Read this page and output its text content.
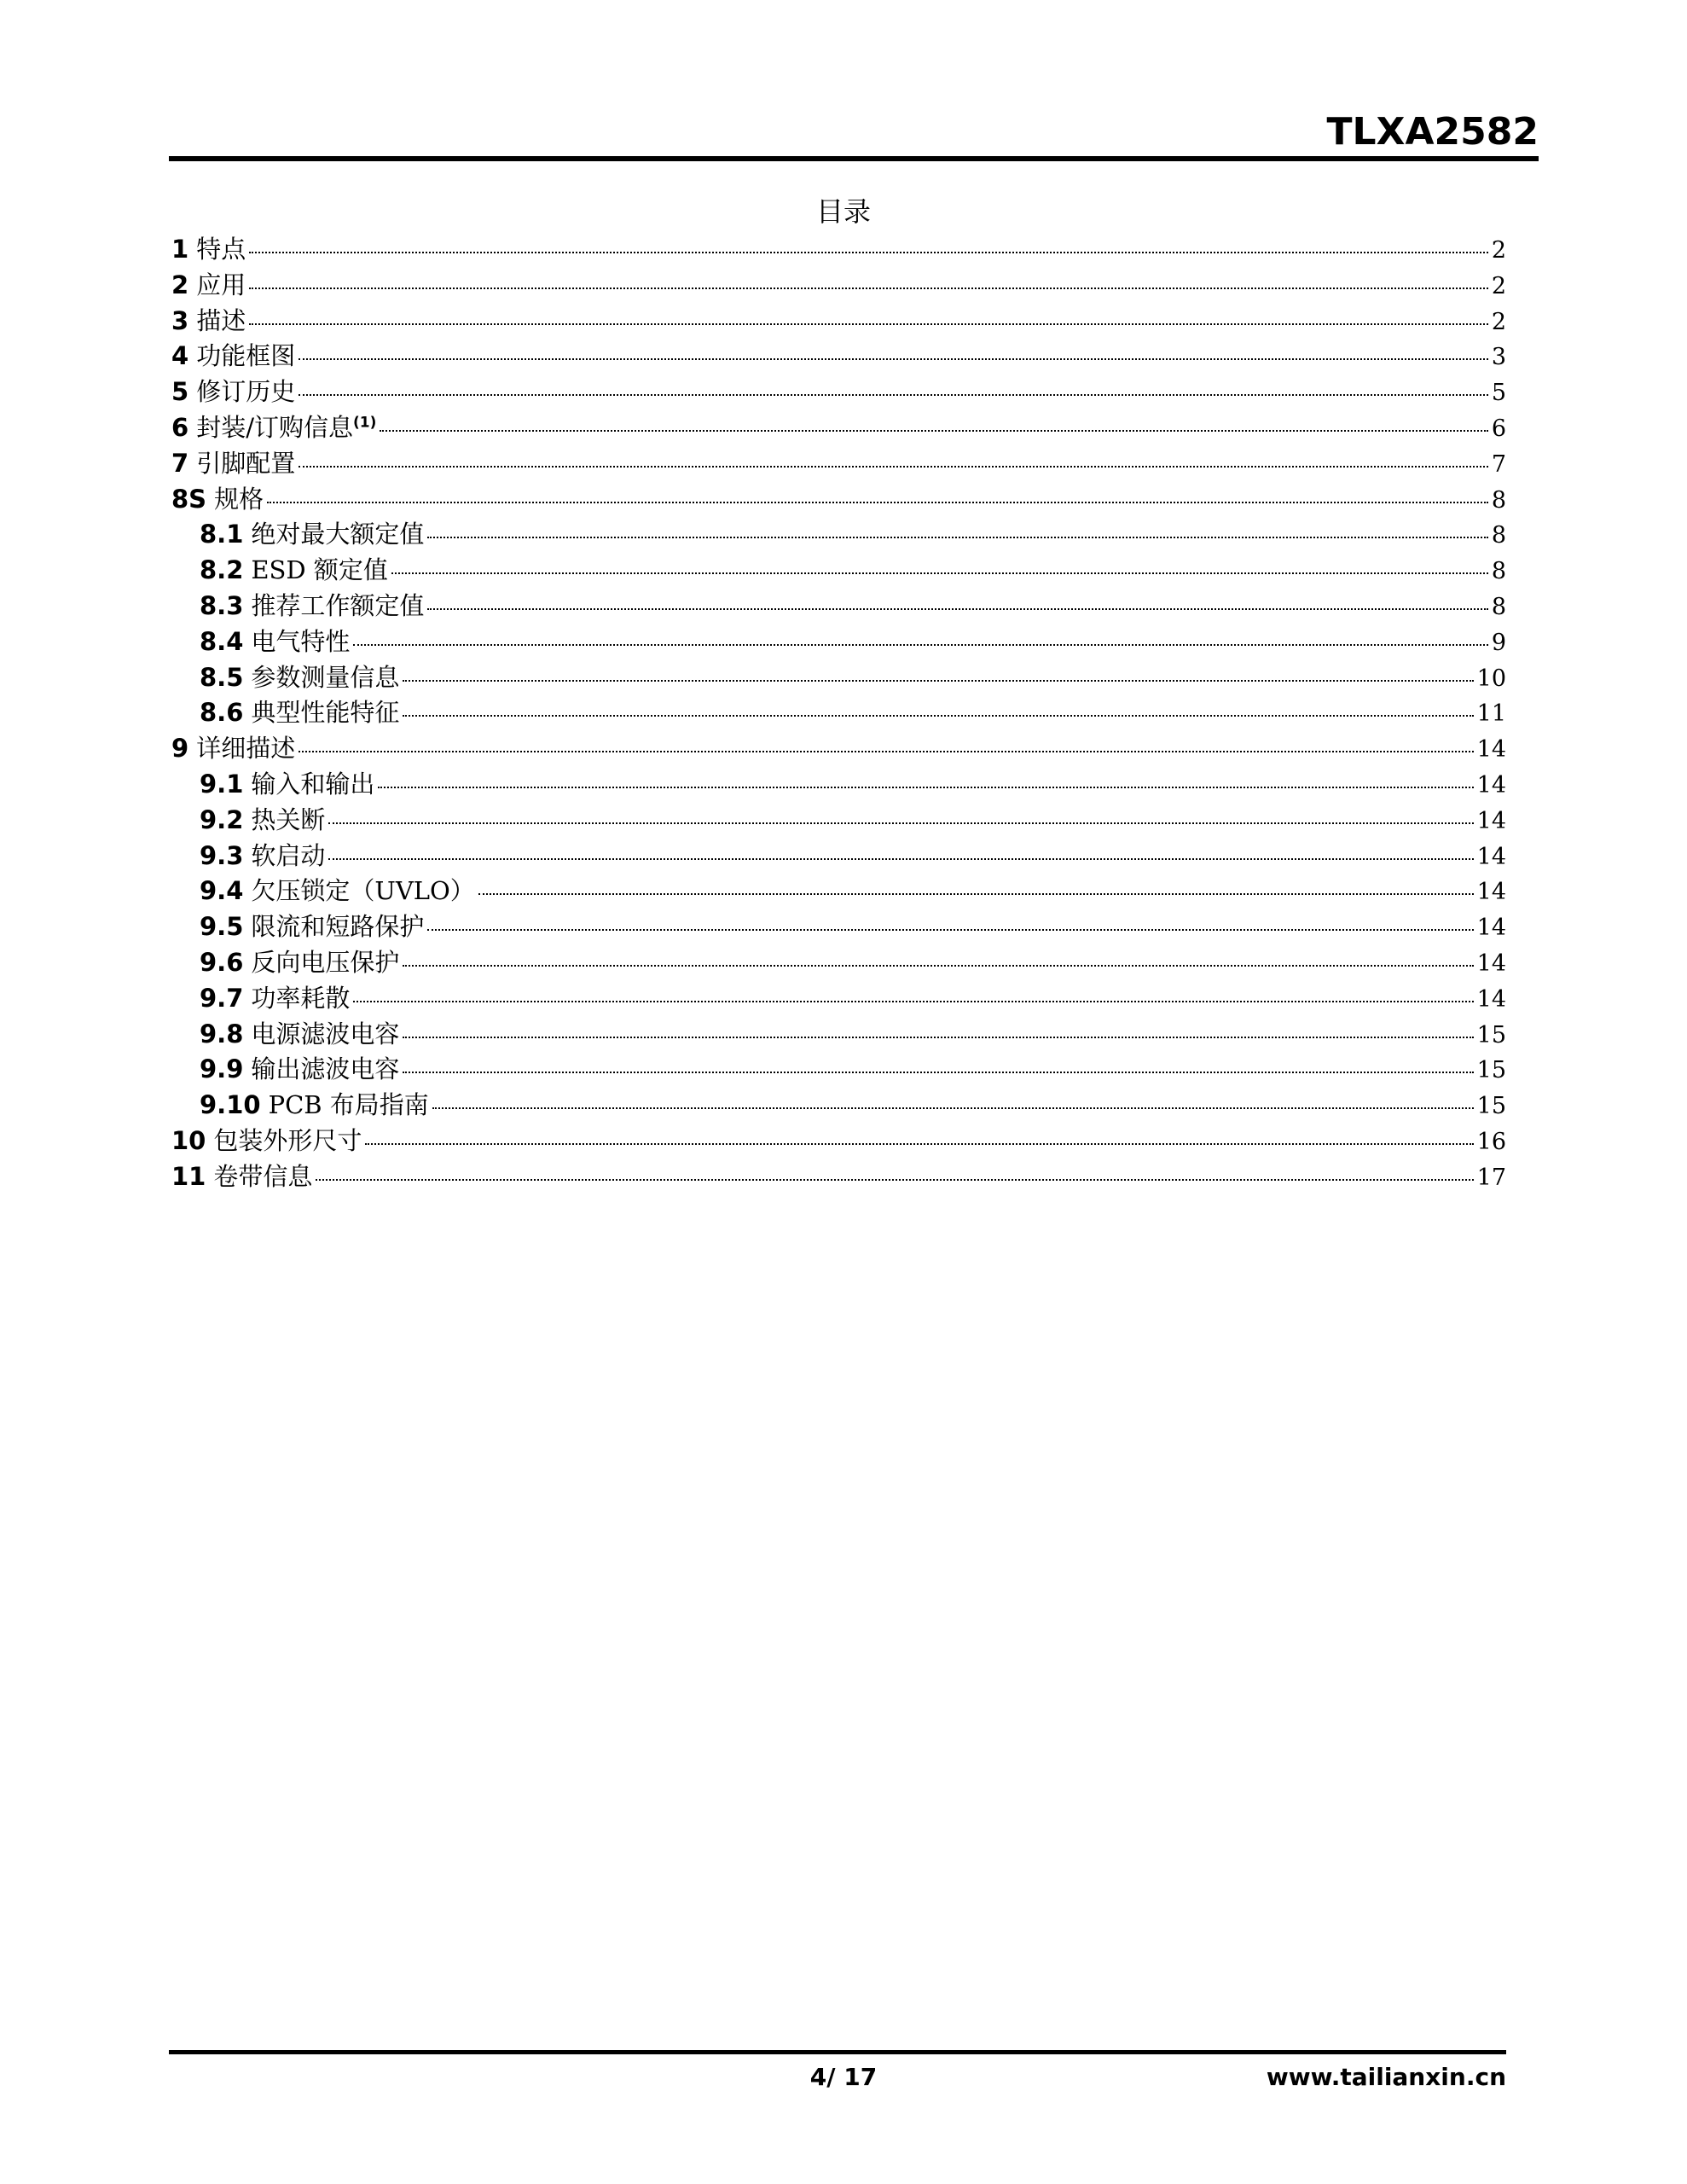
TLXA2582
目录
1 特点	2
2 应用	2
3 描述	2
4 功能框图	3
5 修订历史	5
6 封装/订购信息$^{(1)}$	6
7 引脚配置	7
8S 规格	8
8.1 绝对最大额定值	8
8.2 ESD 额定值	8
8.3 推荐工作额定值	8
8.4 电气特性	9
8.5 参数测量信息	10
8.6 典型性能特征	11
9 详细描述	14
9.1 输入和输出	14
9.2 热关断	14
9.3 软启动	14
9.4 欠压锁定（UVLO）	14
9.5 限流和短路保护	14
9.6 反向电压保护	14
9.7 功率耗散	14
9.8 电源滤波电容	15
9.9 输出滤波电容	15
9.10 PCB 布局指南	15
10 包装外形尺寸	16
11 卷带信息	17
4/ 17	www.tailianxin.cn
